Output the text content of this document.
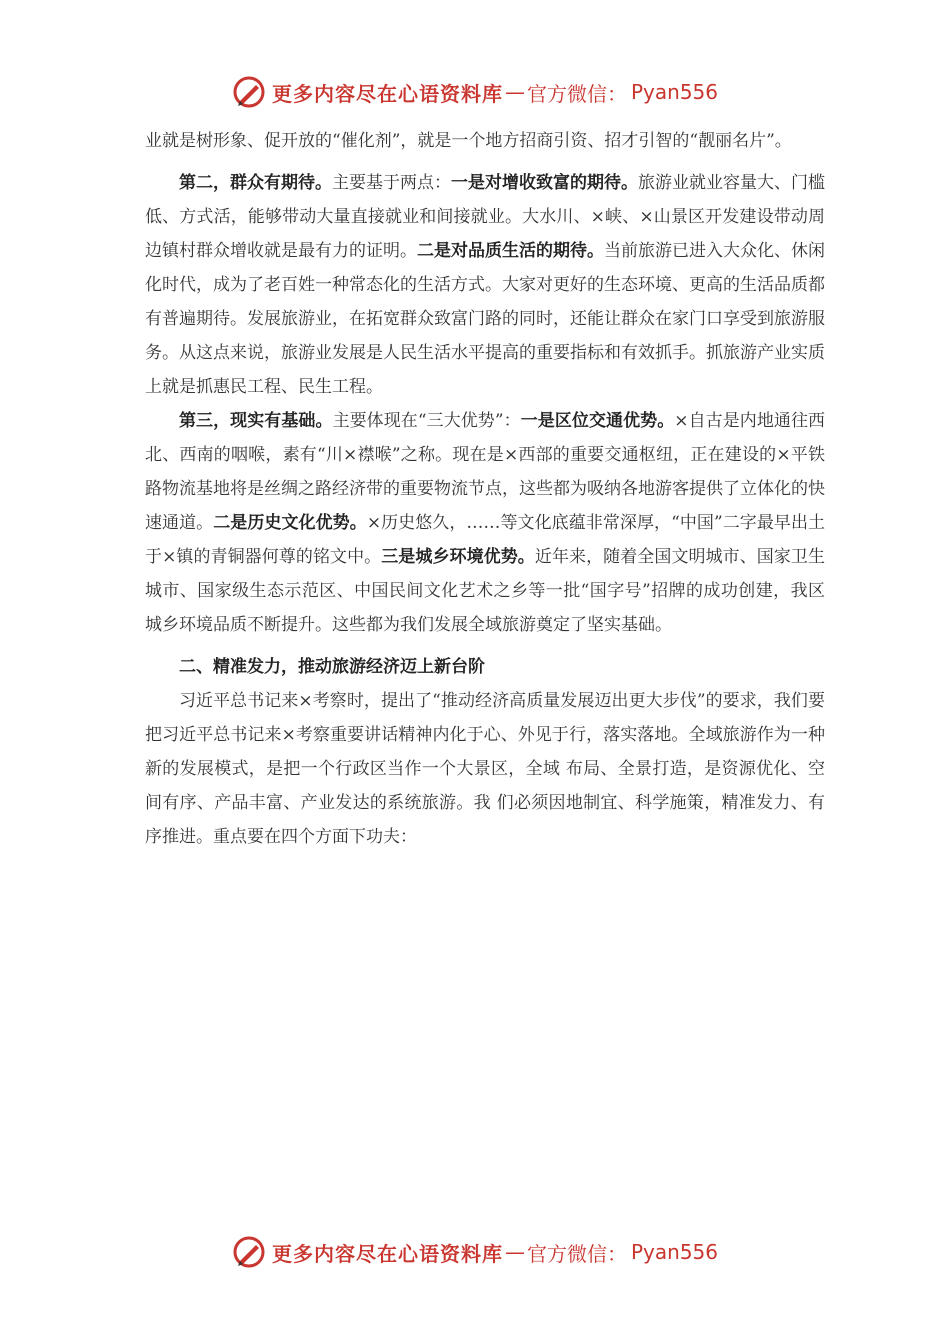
更多内容尽在心语资料库 — 官方微信： Pyan556

业就是树形象、促开放的“催化剂”，就是一个地方招商引资、招才引智的“靓丽名片”。

第二，群众有期待。主要基于两点：一是对增收致富的期待。旅游业就业容量大、门槛低、方式活，能够带动大量直接就业和间接就业。大水川、×峡、×山景区开发建设带动周边镇村群众增收就是最有力的证明。二是对品质生活的期待。当前旅游已进入大众化、休闲化时代，成为了老百姓一种常态化的生活方式。大家对更好的生态环境、更高的生活品质都有普遍期待。发展旅游业，在拓宽群众致富门路的同时，还能让群众在家门口享受到旅游服务。从这点来说，旅游业发展是人民生活水平提高的重要指标和有效抓手。抓旅游产业实质上就是抓惠民工程、民生工程。

第三，现实有基础。主要体现在“三大优势”：一是区位交通优势。×自古是内地通往西北、西南的咽喉，素有“川×襟喉”之称。现在是×西部的重要交通枢纽，正在建设的×平铁路物流基地将是丝绸之路经济带的重要物流节点，这些都为吸纳各地游客提供了立体化的快速通道。二是历史文化优势。×历史悠久，……等文化底蕴非常深厚，“中国”二字最早出土于×镇的青铜器何尊的铭文中。三是城乡环境优势。近年来，随着全国文明城市、国家卫生城市、国家级生态示范区、中国民间文化艺术之乡等一批“国字号”招牌的成功创建，我区城乡环境品质不断提升。这些都为我们发展全域旅游奠定了坚实基础。

二、精准发力，推动旅游经济迈上新台阶

习近平总书记来×考察时，提出了“推动经济高质量发展迈出更大步伐”的要求，我们要把习近平总书记来×考察重要讲话精神内化于心、外见于行，落实落地。全域旅游作为一种新的发展模式，是把一个行政区当作一个大景区，全域 布局、全景打造，是资源优化、空间有序、产品丰富、产业发达的系统旅游。我 们必须因地制宜、科学施策，精准发力、有序推进。重点要在四个方面下功夫：

更多内容尽在心语资料库 — 官方微信： Pyan556
